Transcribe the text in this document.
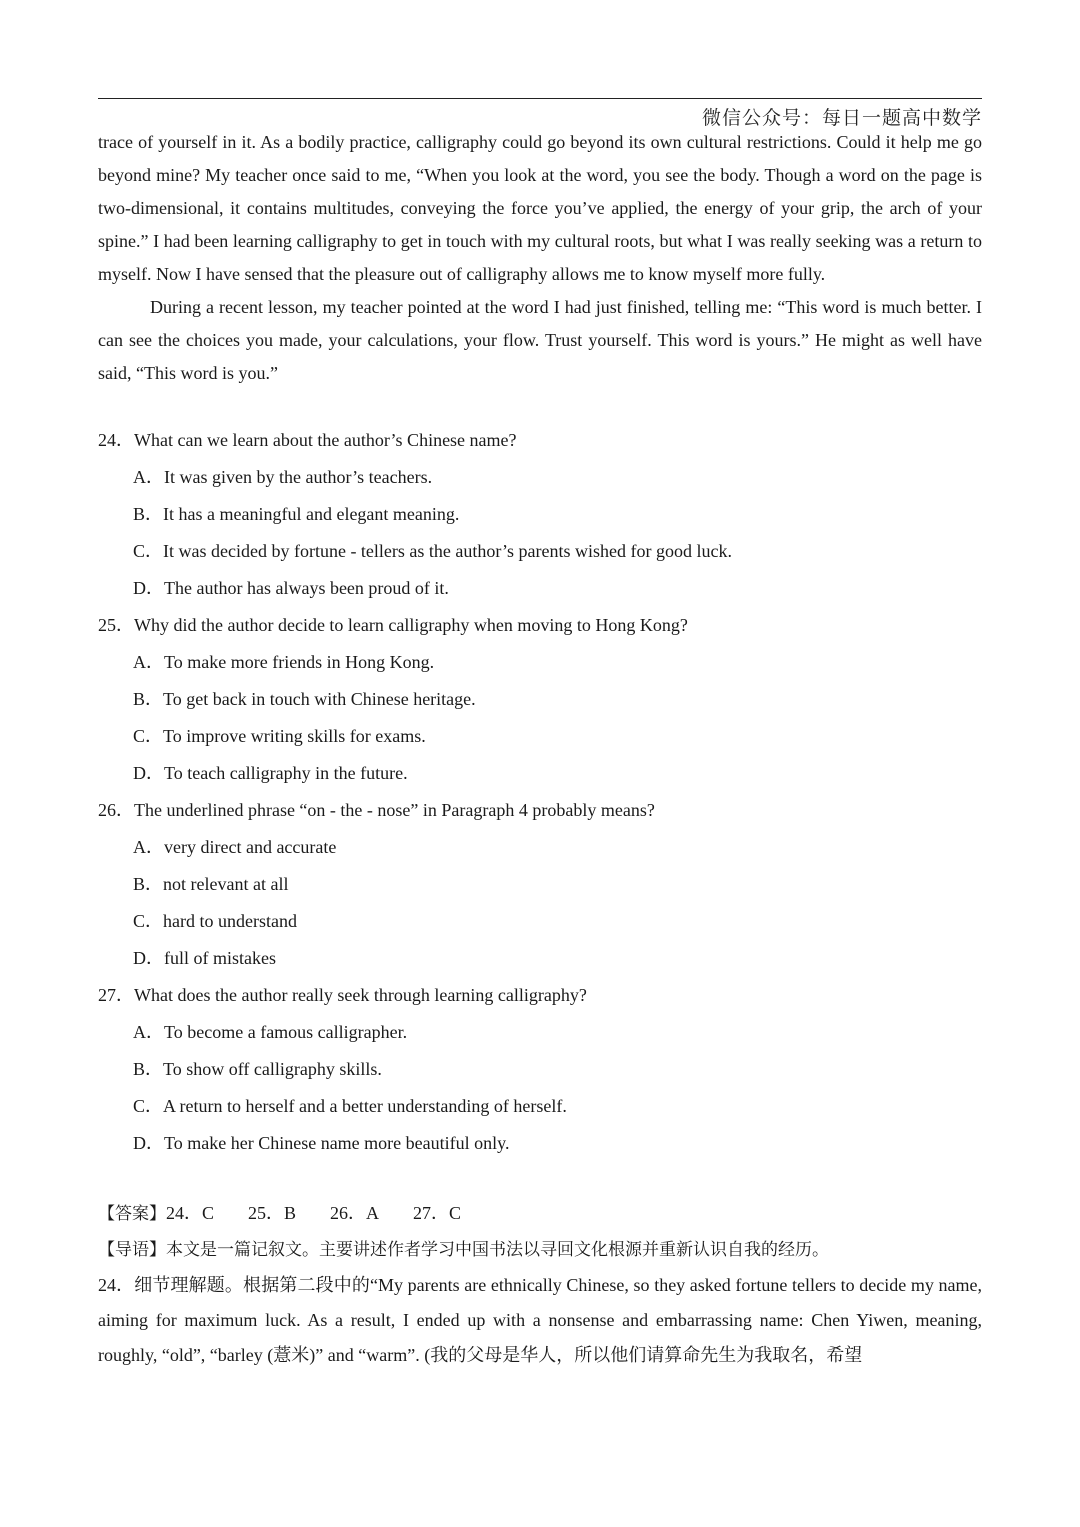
微信公众号：每日一题高中数学

trace of yourself in it. As a bodily practice, calligraphy could go beyond its own cultural restrictions. Could it help me go beyond mine? My teacher once said to me, “When you look at the word, you see the body. Though a word on the page is two-dimensional, it contains multitudes, conveying the force you’ve applied, the energy of your grip, the arch of your spine.” I had been learning calligraphy to get in touch with my cultural roots, but what I was really seeking was a return to myself. Now I have sensed that the pleasure out of calligraphy allows me to know myself more fully.

During a recent lesson, my teacher pointed at the word I had just finished, telling me: “This word is much better. I can see the choices you made, your calculations, your flow. Trust yourself. This word is yours.” He might as well have said, “This word is you.”

24．What can we learn about the author’s Chinese name?
A．It was given by the author’s teachers.
B．It has a meaningful and elegant meaning.
C．It was decided by fortune - tellers as the author’s parents wished for good luck.
D．The author has always been proud of it.
25．Why did the author decide to learn calligraphy when moving to Hong Kong?
A．To make more friends in Hong Kong.
B．To get back in touch with Chinese heritage.
C．To improve writing skills for exams.
D．To teach calligraphy in the future.
26．The underlined phrase “on - the - nose” in Paragraph 4 probably means?
A．very direct and accurate
B．not relevant at all
C．hard to understand
D．full of mistakes
27．What does the author really seek through learning calligraphy?
A．To become a famous calligrapher.
B．To show off calligraphy skills.
C．A return to herself and a better understanding of herself.
D．To make her Chinese name more beautiful only.
【答案】24．C 25．B 26．A 27．C
【导语】本文是一篇记叙文。主要讲述作者学习中国书法以寻回文化根源并重新认识自我的经历。
24．细节理解题。根据第二段中的“My parents are ethnically Chinese, so they asked fortune tellers to decide my name, aiming for maximum luck. As a result, I ended up with a nonsense and embarrassing name: Chen Yiwen, meaning, roughly, “old”, “barley (薏米)” and “warm”. (我的父母是华人，所以他们请算命先生为我取名，希望
